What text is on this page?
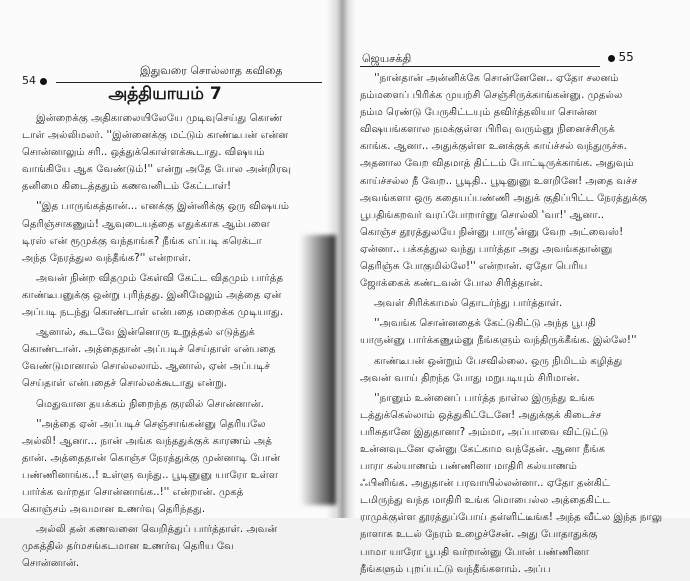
54
இதுவரை சொல்லாத கவிதை
அத்தியாயம் 7

இன்றைக்கு அதிகாலையிலேயே முடிவுசெய்து கொண்
டாள் அல்லிமலர். ''இன்னைக்கு மட்டும் காண்டீபன் என்ன
சொன்னாலும் சரி.. ஒத்துக்கொள்ளக்கூடாது. விஷயம்
வாங்கியே ஆக வேண்டும்!'' என்று அதே போல அன்றிரவு
தனிமை கிடைத்ததும் கணவனிடம் கேட்டாள்!

''இத பாருங்கத்தான்... எனக்கு இன்னிக்கு ஒரு விஷயம்
தெரிஞ்சாகணும்! ஆவுடையத்தை எதுக்காக ஆம்பளை
டிரஸ் என் ரூமுக்கு வந்தாங்க? நீங்க எப்படி கரெக்டா
அந்த நேரத்துல வந்தீங்க?'' என்றாள்.

அவன் நின்ற விதமும் கேள்வி கேட்ட விதமும் பார்த்த
காண்டீபனுக்கு ஒன்று புரிந்தது. இனிமேலும் அத்தை ஏன்
அப்படி நடந்து கொண்டாள் என்பதை மறைக்க முடியாது.

ஆனால், கூடவே இன்னொரு உறுத்தல் எடுத்துக்
கொண்டான். அத்தைதான் அப்படிச் செய்தாள் என்பதை
வேண்டுமானால் சொல்லலாம். ஆனால், ஏன் அப்படிச்
செய்தாள் என்பதைச் சொல்லக்கூடாது என்று.

மெதுவான தயக்கம் நிறைந்த குரலில் சொன்னான்.

''அத்தை ஏன் அப்படிச் செஞ்சாங்கன்னு தெரியலே
அல்லி! ஆனா... நான் அங்க வந்ததுக்குக் காரணம் அத்
தான். அத்தைதான் கொஞ்ச நேரத்துக்கு முன்னாடி போன்
பண்ணினாங்க..! உள்ளு வந்து.. பூடினுனு யாரோ உள்ள
பார்க்க வர்றதா சொன்னாங்க..!'' என்றான். முகத்
கொஞ்சம் அவமான உணர்வு தெரிந்தது.

அல்லி தன் கணவனை வெறித்துப் பார்த்தாள். அவன்
முகத்தில் தர்மசங்கடமான உணர்வு தெரிய வே
சொன்னான்.

ஜெயசக்தி	55

''நான்தான் அன்னிக்கே சொன்னேனே.. ஏதோ சலனம்
நம்மளைப் பிரிக்க முயற்சி செஞ்சிருக்காங்கன்னு. முதல்ல
நம்ம ரெண்டு பேருகிட்டயும் தவிர்த்தலியா சொன்ன
விஷயங்களால நமக்குள்ள பிரிவு வரும்னு நினைச்சிருக்
காங்க. ஆனா.. அதுக்குள்ள உனக்குக் காய்ச்சல் வந்துருச்சு.
அதனால வேற விதமாத் திட்டம் போட்டிருக்காங்க. அதுவும்
காய்ச்சல்ல நீ வேற.. பூடிதி.. பூடினுனு உளறினே! அதை வச்ச
அவங்களா ஒரு கதையப்பண்ணி அதுக் குதிப்பிட்ட நேரத்துக்கு
பூபதிங்கறவர் வரப்போறார்னு சொல்லி 'வா!' ஆனா..
கொஞ்ச தூரத்துலயே நின்னு பாரு'ன்னு வேற அட்வைஸ்!
ஏன்னா.. பக்கத்துல வந்து பார்த்தா அது அவங்கதான்னு
தெரிஞ்சு போகுமில்லே!'' என்றான். ஏதோ பெரிய
ஜோக்கைக் கண்டவன் போல சிரித்தான்.

அவள் சிரிக்காமல் தொடர்ந்து பார்த்தாள்.

''அவங்க சொன்னதைக் கேட்டுகிட்டு அந்த பூபதி
யாருன்னு பார்க்கணும்னு நீங்களும் வந்திருக்கீங்க. இல்லே!''

காண்டீபன் ஒன்றும் பேசவில்லை. ஒரு நிமிடம் கழித்து
அவன் வாய் திறந்த போது மறுபடியும் சிரிமான்.

''நானும் உன்னைப் பார்த்த நாள்ல இருந்து உங்க
டத்துக்கெல்லாம் ஒத்துகிட்டேனே! அதுக்குக் கிடைச்ச
பரிசுதானே இதுதானா? அம்மா, அப்பாவை விட்டுட்டு
உன்னவுடனே ஏன்னு கேட்காம வந்தேன். ஆனா நீங்க
பாரா கல்யாணம் பண்ணினா மாதிரி கல்யாணம்
ஃபினிங்க. அதுதான் பரவாயில்லன்னா.. ஏதோ தன்கிட்
டமிருந்து வந்த மாதிரி உங்க மொபைல்ல அத்தைகிட்ட
ராமுக்குள்ள தூரத்துப்போய் தள்ளிட்டீங்க! அந்த வீட்ல இந்த நாலு
நாளாக உடல் நேரம் உழைச்சேன். அது போதாதுக்கு
பாமா யாரோ பூபதி வர்றான்னு போன் பண்ணினா
நீங்களும் புறப்பட்டு வந்தீங்களாம். அப்ப
